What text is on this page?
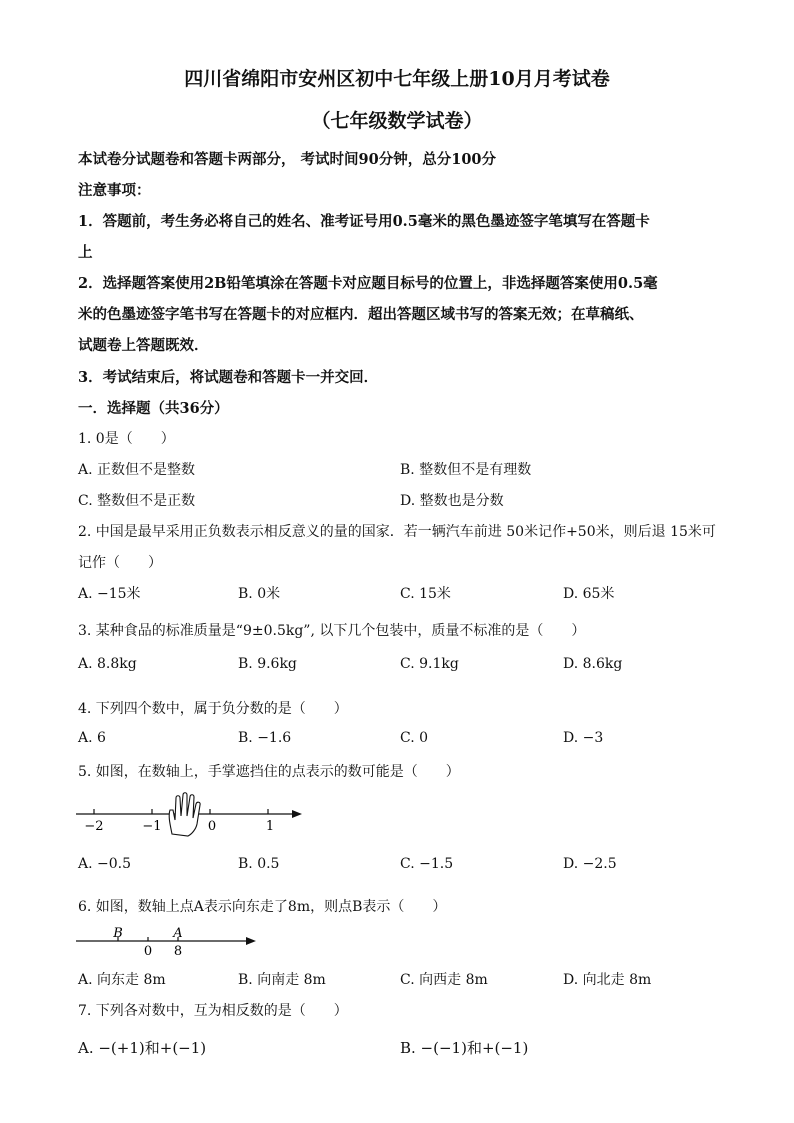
四川省绵阳市安州区初中七年级上册10月月考试卷
（七年级数学试卷）
本试卷分试题卷和答题卡两部分， 考试时间90分钟，总分100分
注意事项：
1．答题前，考生务必将自己的姓名、准考证号用0.5毫米的黑色墨迹签字笔填写在答题卡
上
2．选择题答案使用2B铅笔填涂在答题卡对应题目标号的位置上，非选择题答案使用0.5毫
米的色墨迹签字笔书写在答题卡的对应框内．超出答题区域书写的答案无效；在草稿纸、
试题卷上答题既效．
3．考试结束后，将试题卷和答题卡一并交回．
一．选择题（共36分）
1. 0是（　　）
A. 正数但不是整数	B. 整数但不是有理数
C. 整数但不是正数	D. 整数也是分数
2. 中国是最早采用正负数表示相反意义的量的国家．若一辆汽车前进 50米记作+50米，则后退 15米可
记作（　　）
A. −15米	B. 0米	C. 15米	D. 65米
3. 某种食品的标准质量是“9±0.5kg”, 以下几个包装中，质量不标准的是（　　）
A. 8.8kg	B. 9.6kg	C. 9.1kg	D. 8.6kg
4. 下列四个数中，属于负分数的是（　　）
A. 6	B. −1.6	C. 0	D. −3
5. 如图，在数轴上，手掌遮挡住的点表示的数可能是（　　）
−2	−1	0	1
A. −0.5	B. 0.5	C. −1.5	D. −2.5
6. 如图，数轴上点A表示向东走了8m，则点B表示（　　）
B	A
0 8
A. 向东走 8m	B. 向南走 8m	C. 向西走 8m	D. 向北走 8m
7. 下列各对数中，互为相反数的是（　　）
A. −(+1)和+(−1)	B. −(−1)和+(−1)
